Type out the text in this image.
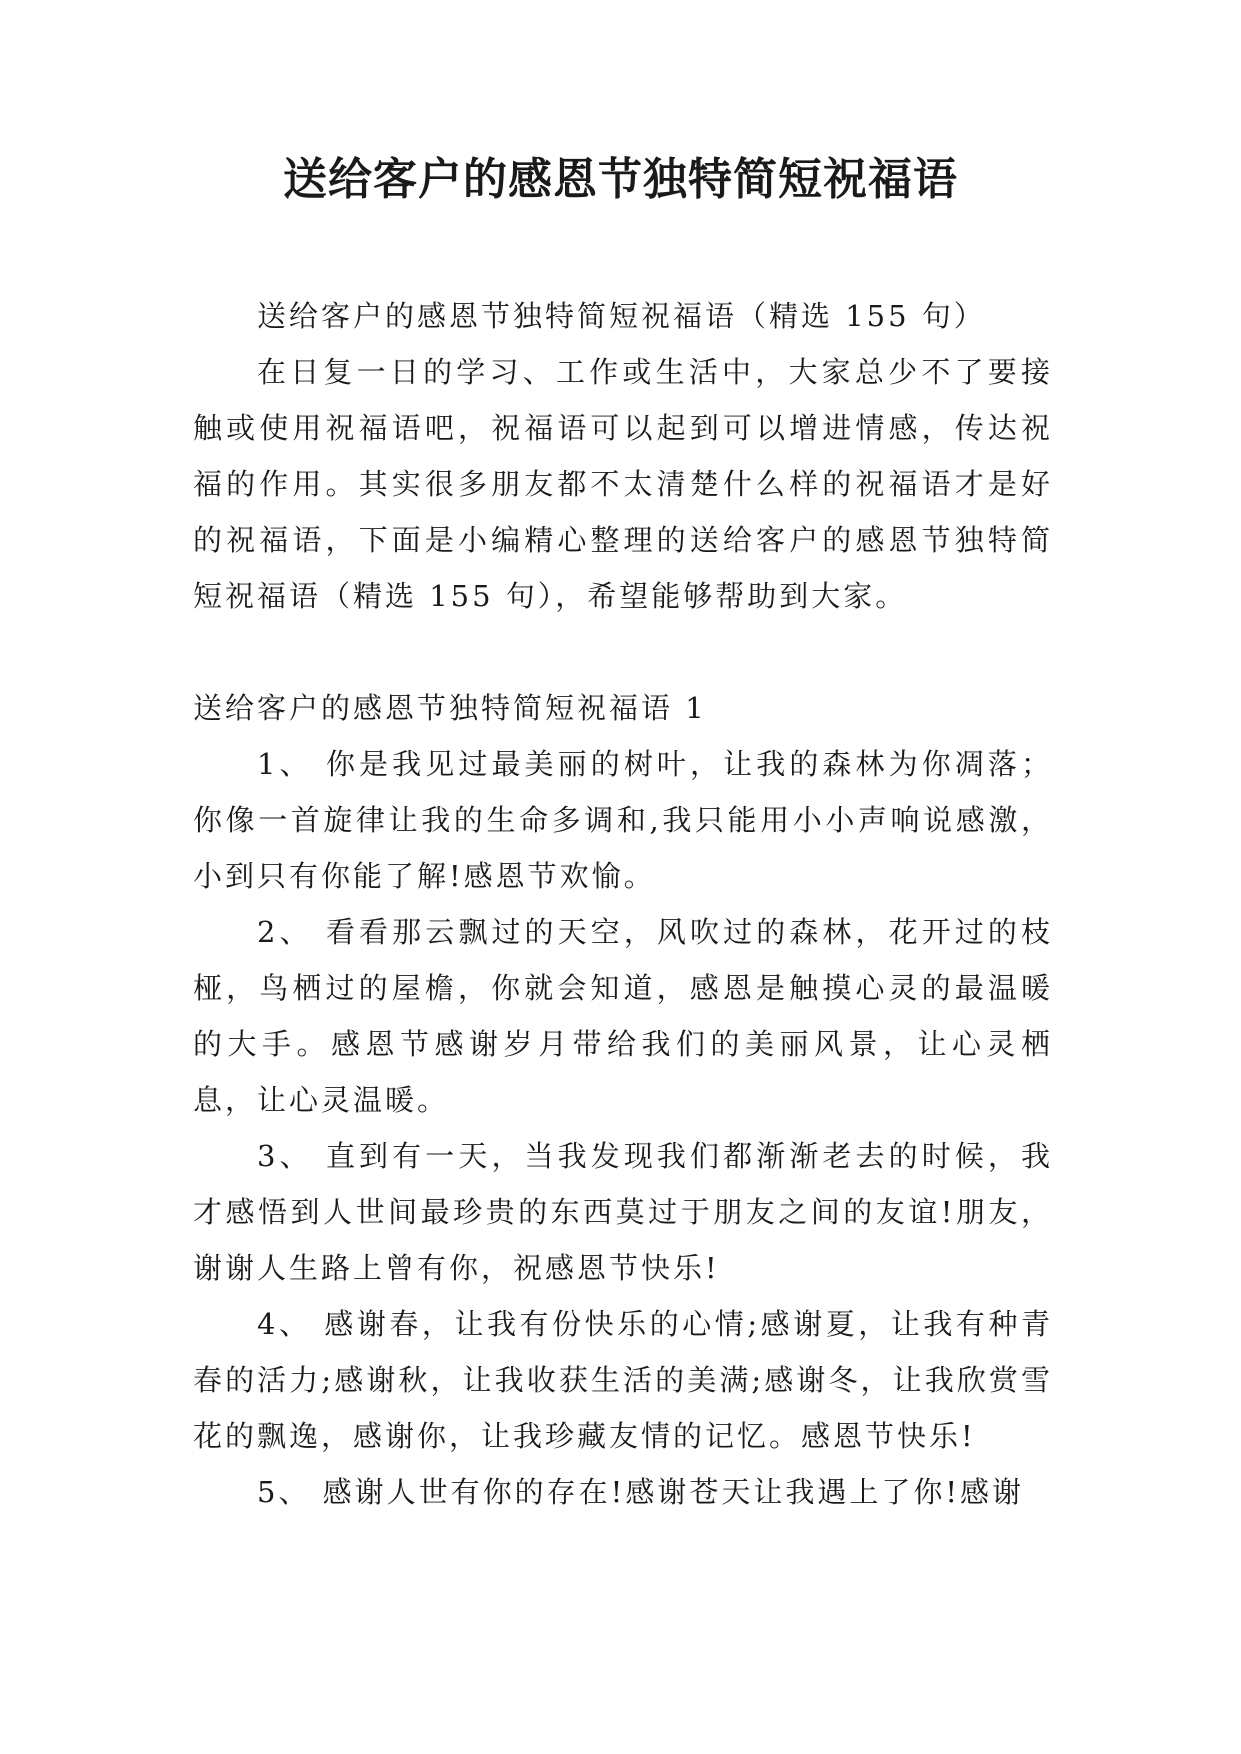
送给客户的感恩节独特简短祝福语

送给客户的感恩节独特简短祝福语（精选 155 句）

在日复一日的学习、工作或生活中，大家总少不了要接触或使用祝福语吧，祝福语可以起到可以增进情感，传达祝福的作用。其实很多朋友都不太清楚什么样的祝福语才是好的祝福语，下面是小编精心整理的送给客户的感恩节独特简短祝福语（精选 155 句），希望能够帮助到大家。

送给客户的感恩节独特简短祝福语 1

1、 你是我见过最美丽的树叶，让我的森林为你凋落；你像一首旋律让我的生命多调和,我只能用小小声响说感激，小到只有你能了解!感恩节欢愉。

2、 看看那云飘过的天空，风吹过的森林，花开过的枝桠，鸟栖过的屋檐，你就会知道，感恩是触摸心灵的最温暖的大手。感恩节感谢岁月带给我们的美丽风景，让心灵栖息，让心灵温暖。

3、 直到有一天，当我发现我们都渐渐老去的时候，我才感悟到人世间最珍贵的东西莫过于朋友之间的友谊!朋友，谢谢人生路上曾有你，祝感恩节快乐!

4、 感谢春，让我有份快乐的心情;感谢夏，让我有种青春的活力;感谢秋，让我收获生活的美满;感谢冬，让我欣赏雪花的飘逸，感谢你，让我珍藏友情的记忆。感恩节快乐!

5、 感谢人世有你的存在!感谢苍天让我遇上了你!感谢
